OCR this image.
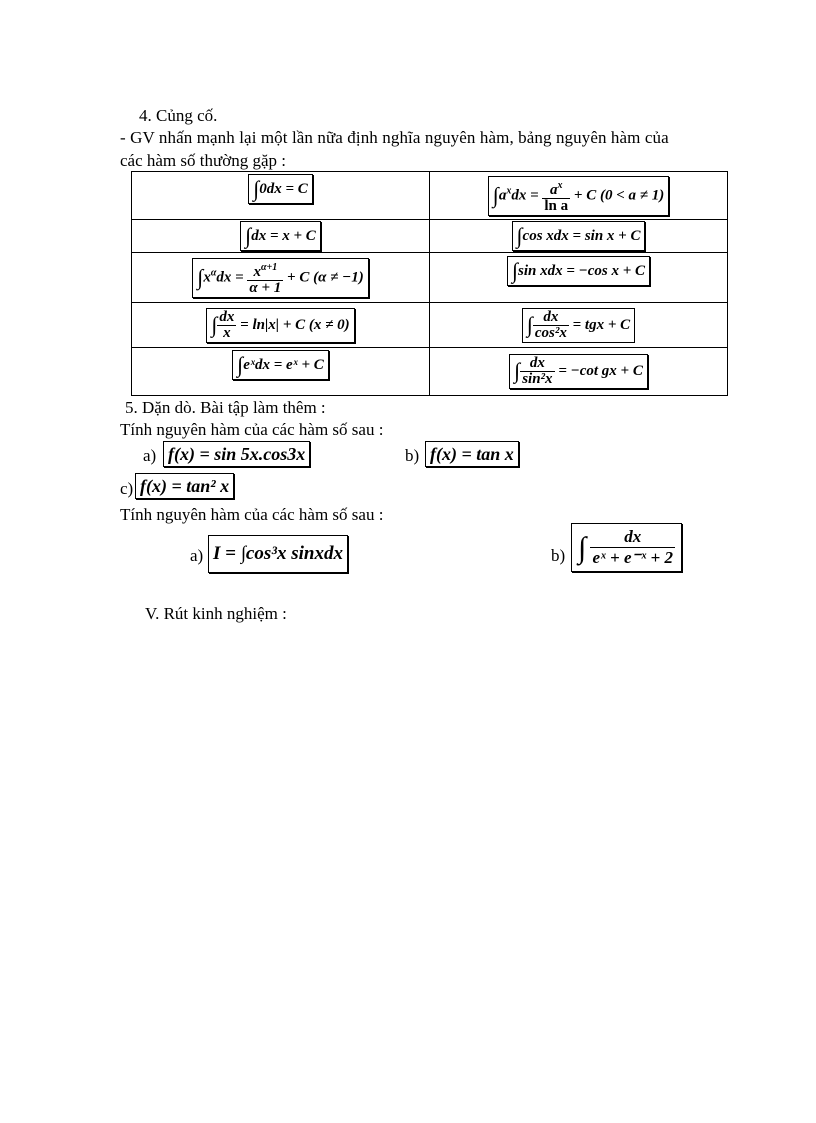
4. Củng cố.
- GV nhấn mạnh lại một lần nữa định nghĩa nguyên hàm, bảng nguyên hàm của
các hàm số thường gặp :
∫0dx = C	$\int a^xdx = \frac{a^x}{\text{ln a}} + C$ (0 < a ≠ 1)
∫dx = x + C	∫cos xdx = sin x + C
$\int x^\alpha dx = \frac{x^{\alpha+1}}{\alpha + 1} + C$ (α ≠ −1)	∫sin xdx = −cos x + C
∫ $\frac{dx}{x} = \ln|x| + C$ (x ≠ 0)	∫ $\frac{dx}{\text{cos²x}}$ = tgx + C
∫eˣdx = eˣ + C	∫ $\frac{dx}{\text{sin²x}} = -\cot$ gx + C
5. Dặn dò. Bài tập làm thêm :
Tính nguyên hàm của các hàm số sau :
a) f(x) = sin 5x.cos3x	b) f(x) = tan x
c) f(x) = tan² x
Tính nguyên hàm của các hàm số sau :
a) I = ∫cos³x sinxdx	b) ∫ $\frac{dx}{\text{eˣ + e⁻ˣ + 2}}$
V. Rút kinh nghiệm :
